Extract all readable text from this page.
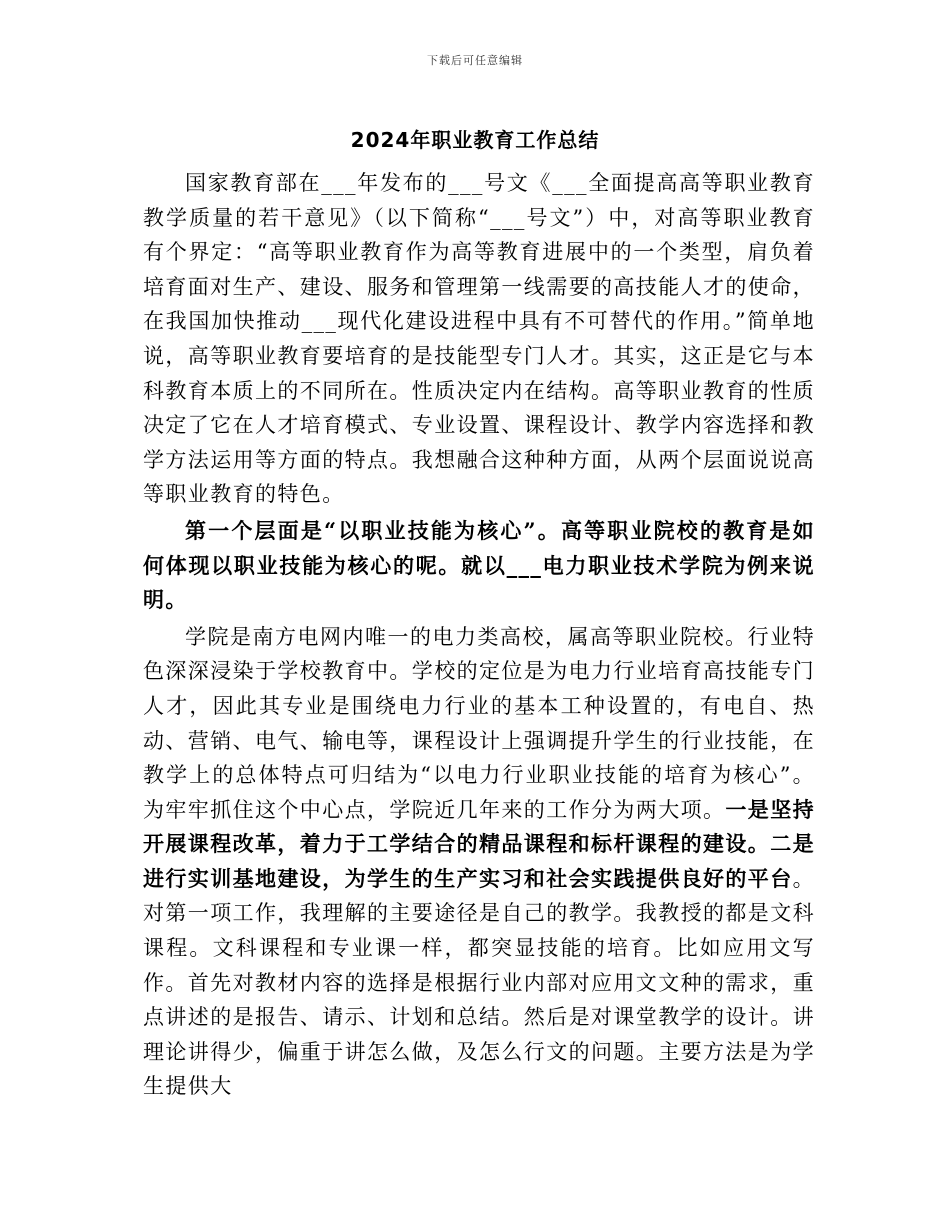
下载后可任意编辑
2024年职业教育工作总结

国家教育部在___年发布的___号文《___全面提高高等职业教育教学质量的若干意见》（以下简称“___号文”）中，对高等职业教育有个界定：“高等职业教育作为高等教育进展中的一个类型，肩负着培育面对生产、建设、服务和管理第一线需要的高技能人才的使命，在我国加快推动___现代化建设进程中具有不可替代的作用。”简单地说，高等职业教育要培育的是技能型专门人才。其实，这正是它与本科教育本质上的不同所在。性质决定内在结构。高等职业教育的性质决定了它在人才培育模式、专业设置、课程设计、教学内容选择和教学方法运用等方面的特点。我想融合这种种方面，从两个层面说说高等职业教育的特色。

第一个层面是“以职业技能为核心”。高等职业院校的教育是如何体现以职业技能为核心的呢。就以___电力职业技术学院为例来说明。

学院是南方电网内唯一的电力类高校，属高等职业院校。行业特色深深浸染于学校教育中。学校的定位是为电力行业培育高技能专门人才，因此其专业是围绕电力行业的基本工种设置的，有电自、热动、营销、电气、输电等，课程设计上强调提升学生的行业技能，在教学上的总体特点可归结为“以电力行业职业技能的培育为核心”。为牢牢抓住这个中心点，学院近几年来的工作分为两大项。一是坚持开展课程改革，着力于工学结合的精品课程和标杆课程的建设。二是进行实训基地建设，为学生的生产实习和社会实践提供良好的平台。对第一项工作，我理解的主要途径是自己的教学。我教授的都是文科课程。文科课程和专业课一样，都突显技能的培育。比如应用文写作。首先对教材内容的选择是根据行业内部对应用文文种的需求，重点讲述的是报告、请示、计划和总结。然后是对课堂教学的设计。讲理论讲得少，偏重于讲怎么做，及怎么行文的问题。主要方法是为学生提供大
